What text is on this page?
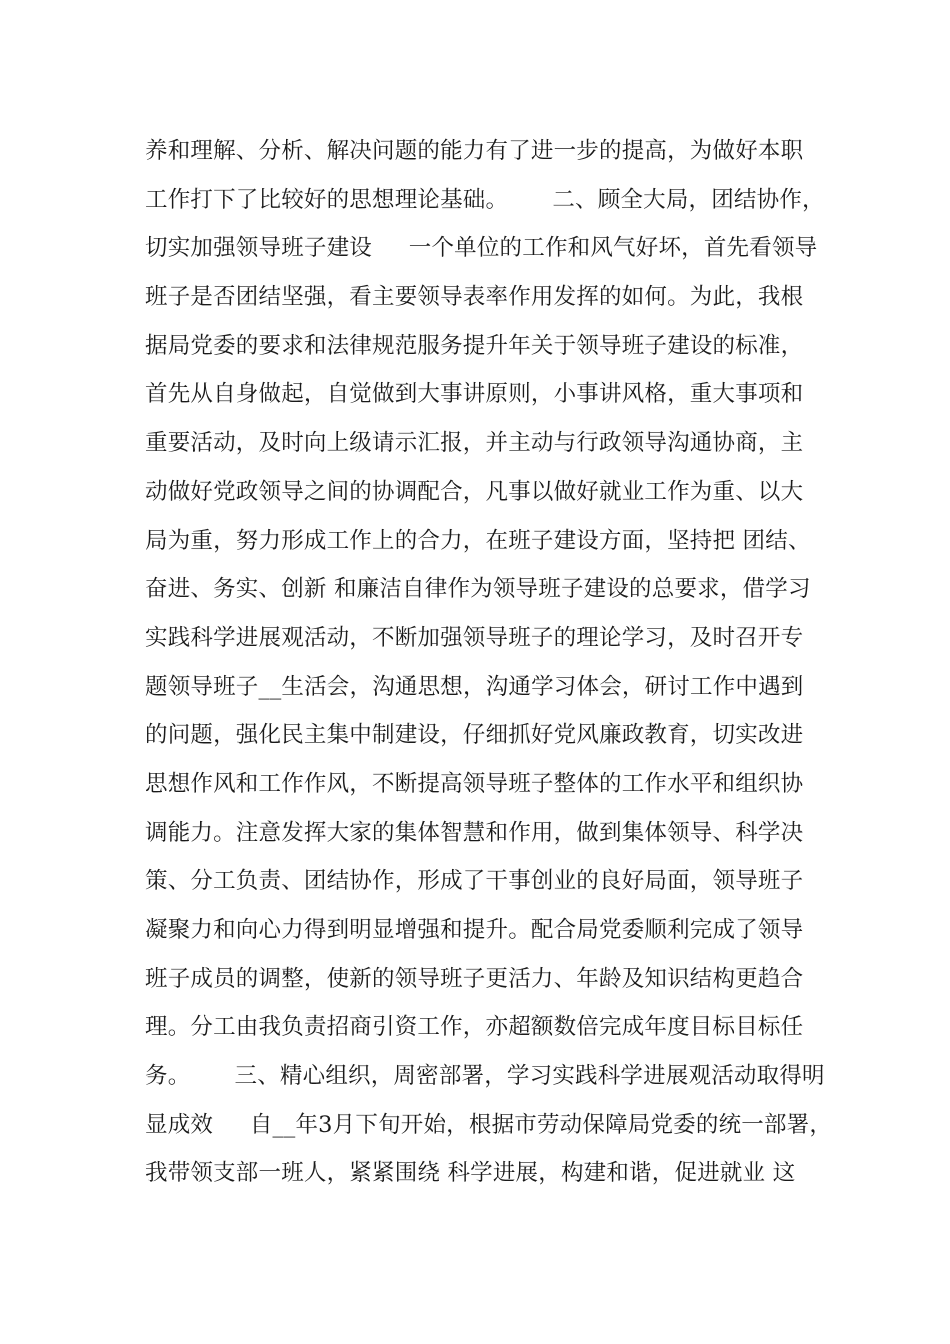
养和理解、分析、解决问题的能力有了进一步的提高，为做好本职
工作打下了比较好的思想理论基础。      二、顾全大局，团结协作，
切实加强领导班子建设     一个单位的工作和风气好坏，首先看领导
班子是否团结坚强，看主要领导表率作用发挥的如何。为此，我根
据局党委的要求和法律规范服务提升年关于领导班子建设的标准，
首先从自身做起，自觉做到大事讲原则，小事讲风格，重大事项和
重要活动，及时向上级请示汇报，并主动与行政领导沟通协商，主
动做好党政领导之间的协调配合，凡事以做好就业工作为重、以大
局为重，努力形成工作上的合力，在班子建设方面，坚持把 团结、
奋进、务实、创新 和廉洁自律作为领导班子建设的总要求，借学习
实践科学进展观活动，不断加强领导班子的理论学习，及时召开专
题领导班子__生活会，沟通思想，沟通学习体会，研讨工作中遇到
的问题，强化民主集中制建设，仔细抓好党风廉政教育，切实改进
思想作风和工作作风，不断提高领导班子整体的工作水平和组织协
调能力。注意发挥大家的集体智慧和作用，做到集体领导、科学决
策、分工负责、团结协作，形成了干事创业的良好局面，领导班子
凝聚力和向心力得到明显增强和提升。配合局党委顺利完成了领导
班子成员的调整，使新的领导班子更活力、年龄及知识结构更趋合
理。分工由我负责招商引资工作，亦超额数倍完成年度目标目标任
务。      三、精心组织，周密部署，学习实践科学进展观活动取得明
显成效     自__年3月下旬开始，根据市劳动保障局党委的统一部署，
我带领支部一班人，紧紧围绕 科学进展，构建和谐，促进就业 这
